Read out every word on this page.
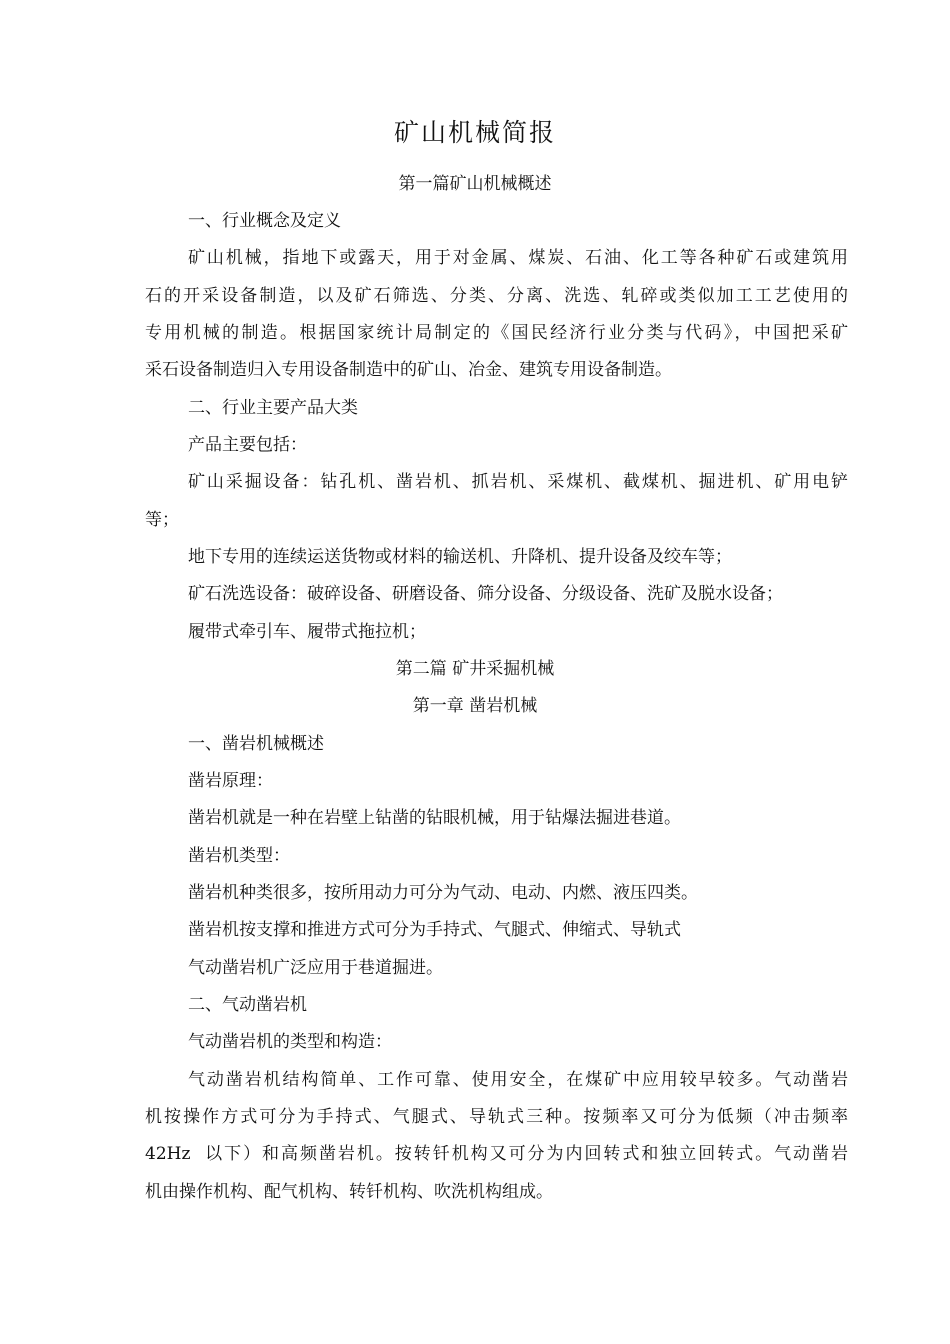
矿山机械简报
第一篇矿山机械概述
一、行业概念及定义
矿山机械，指地下或露天，用于对金属、煤炭、石油、化工等各种矿石或建筑用
石的开采设备制造，以及矿石筛选、分类、分离、洗选、轧碎或类似加工工艺使用的
专用机械的制造。根据国家统计局制定的《国民经济行业分类与代码》，中国把采矿
采石设备制造归入专用设备制造中的矿山、冶金、建筑专用设备制造。
二、行业主要产品大类
产品主要包括：
矿山采掘设备：钻孔机、凿岩机、抓岩机、采煤机、截煤机、掘进机、矿用电铲
等；
地下专用的连续运送货物或材料的输送机、升降机、提升设备及绞车等；
矿石洗选设备：破碎设备、研磨设备、筛分设备、分级设备、洗矿及脱水设备；
履带式牵引车、履带式拖拉机；
第二篇 矿井采掘机械
第一章 凿岩机械
一、凿岩机械概述
凿岩原理：
凿岩机就是一种在岩壁上钻凿的钻眼机械，用于钻爆法掘进巷道。
凿岩机类型：
凿岩机种类很多，按所用动力可分为气动、电动、内燃、液压四类。
凿岩机按支撑和推进方式可分为手持式、气腿式、伸缩式、导轨式
气动凿岩机广泛应用于巷道掘进。
二、气动凿岩机
气动凿岩机的类型和构造：
气动凿岩机结构简单、工作可靠、使用安全，在煤矿中应用较早较多。气动凿岩
机按操作方式可分为手持式、气腿式、导轨式三种。按频率又可分为低频（冲击频率
42Hz  以下）和高频凿岩机。按转钎机构又可分为内回转式和独立回转式。气动凿岩
机由操作机构、配气机构、转钎机构、吹洗机构组成。
